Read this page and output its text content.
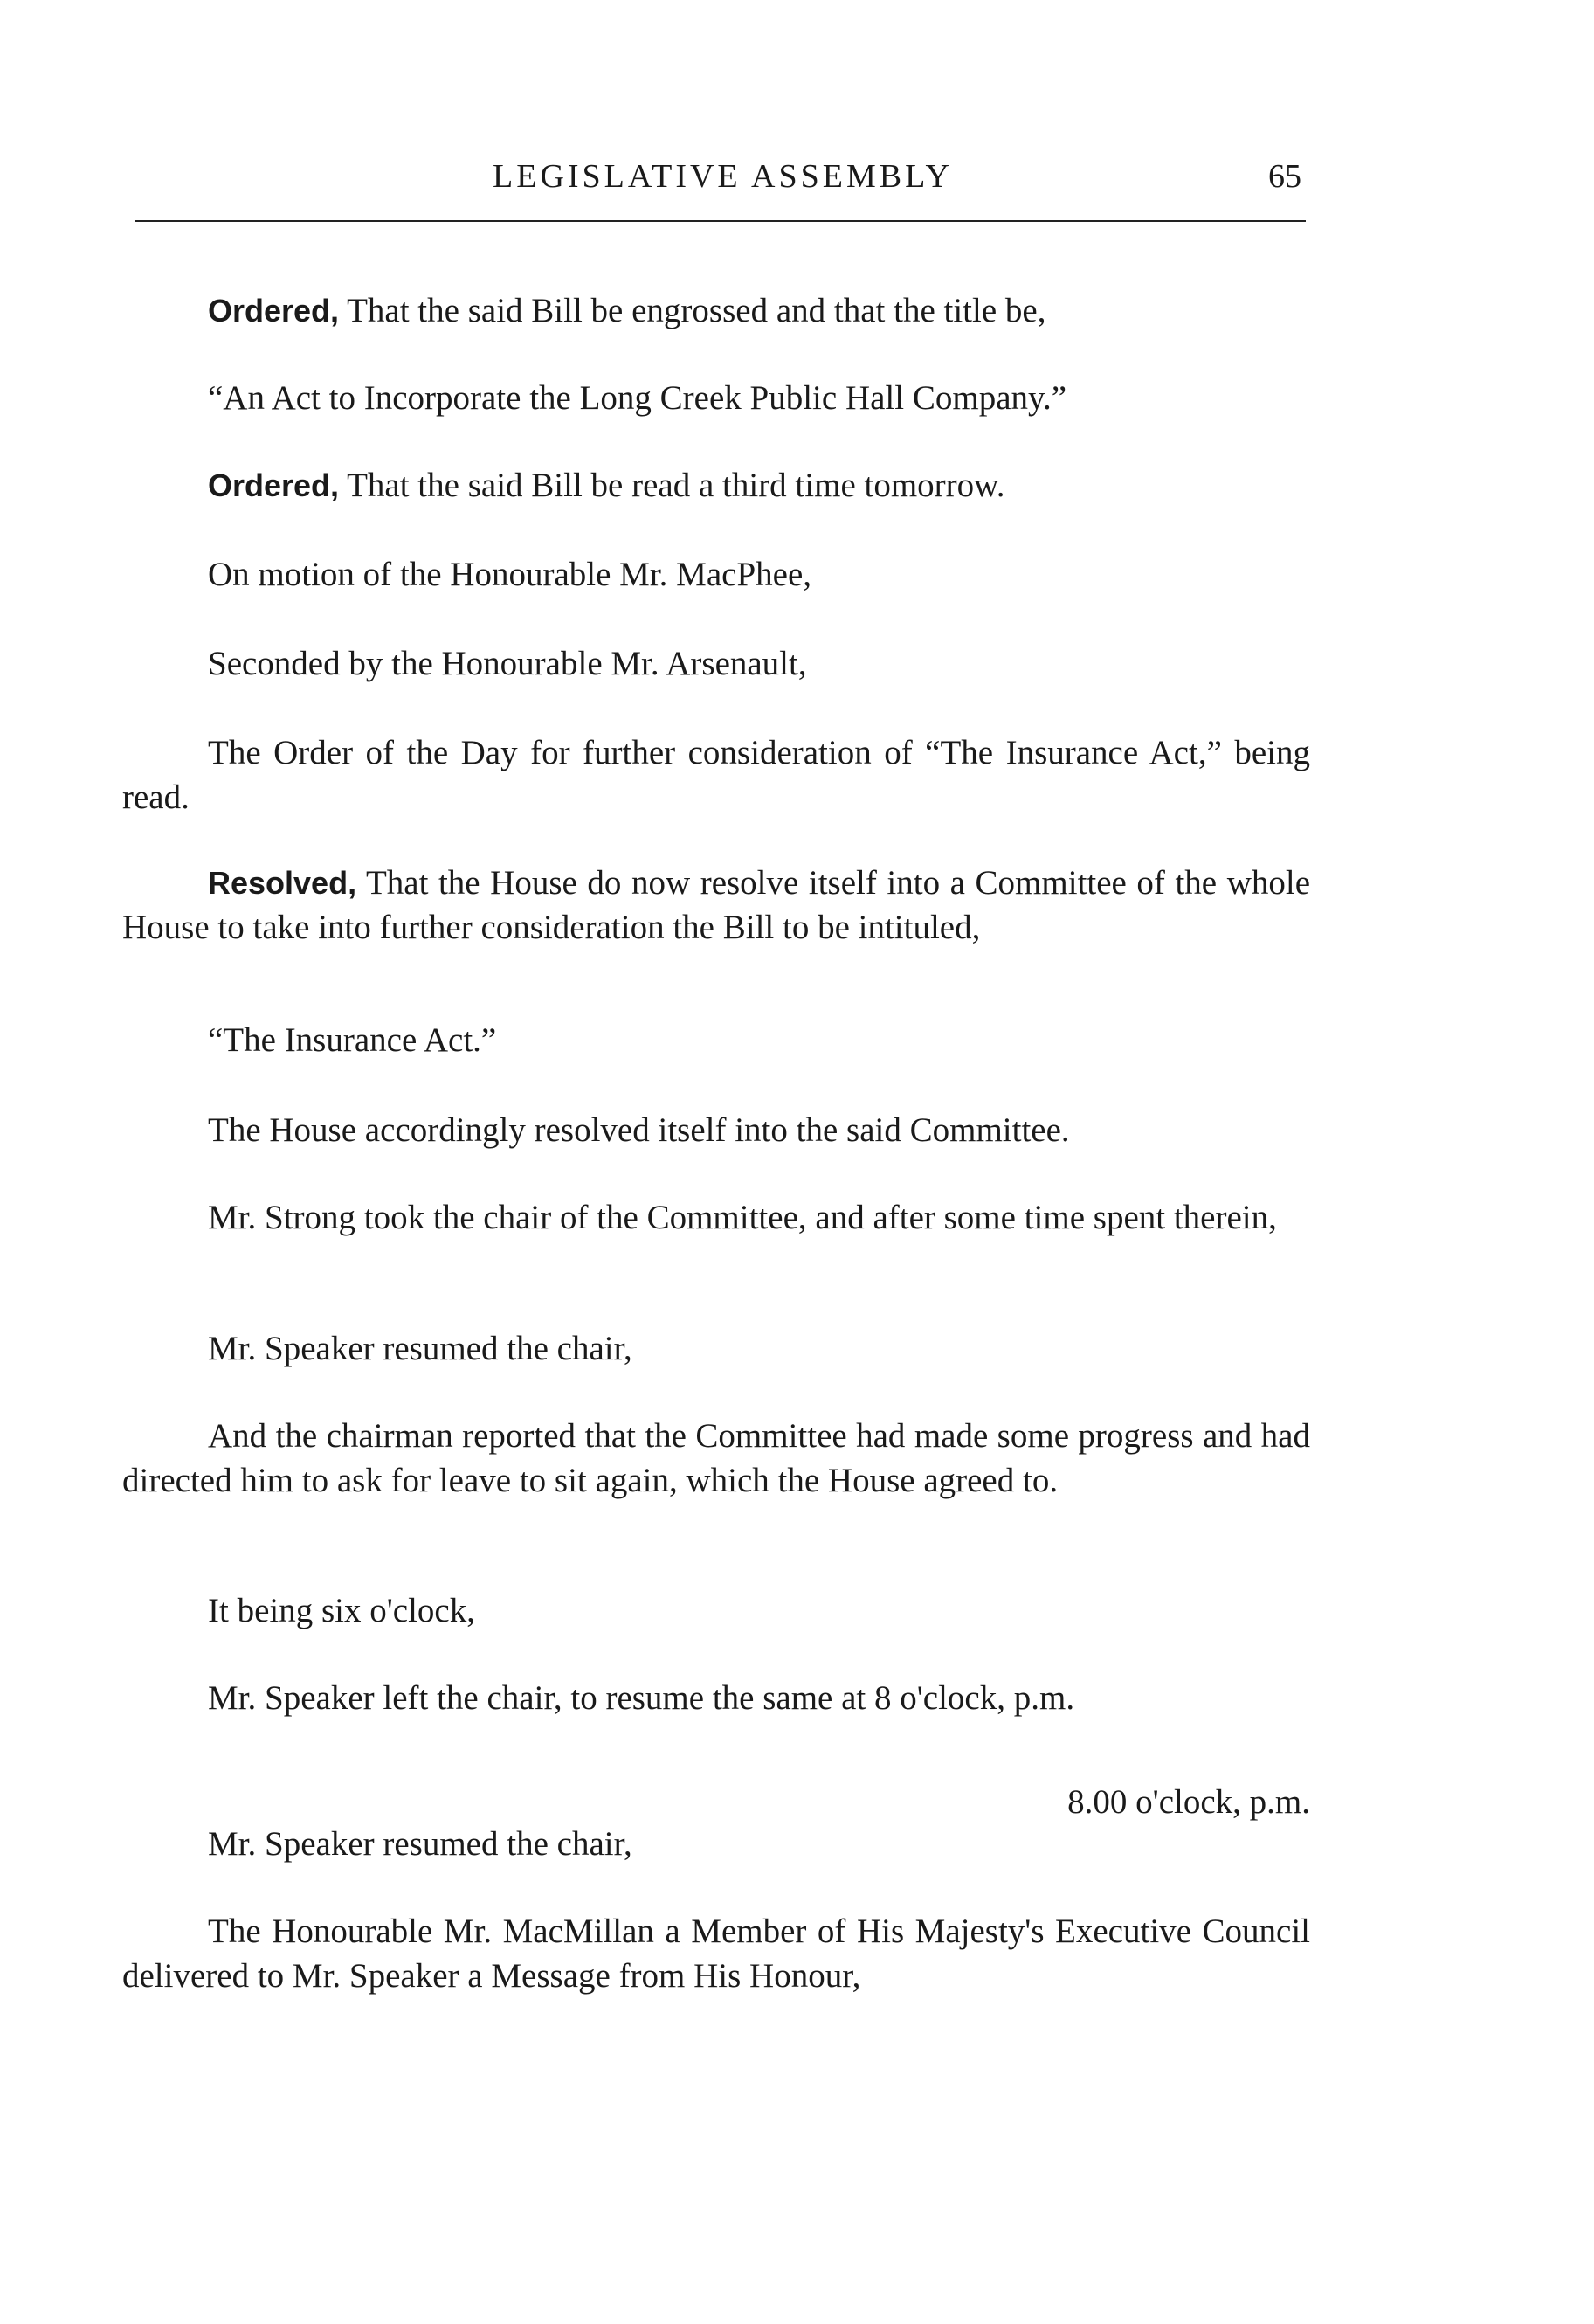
LEGISLATIVE ASSEMBLY	65

Ordered, That the said Bill be engrossed and that the title be,

“An Act to Incorporate the Long Creek Public Hall Company.”

Ordered, That the said Bill be read a third time tomorrow.

On motion of the Honourable Mr. MacPhee,

Seconded by the Honourable Mr. Arsenault,

The Order of the Day for further consideration of “The Insurance Act,” being read.

Resolved, That the House do now resolve itself into a Committee of the whole House to take into further consideration the Bill to be intituled,

“The Insurance Act.”

The House accordingly resolved itself into the said Committee.

Mr. Strong took the chair of the Committee, and after some time spent therein,

Mr. Speaker resumed the chair,

And the chairman reported that the Committee had made some progress and had directed him to ask for leave to sit again, which the House agreed to.

It being six o'clock,

Mr. Speaker left the chair, to resume the same at 8 o'clock, p.m.

8.00 o'clock, p.m.

Mr. Speaker resumed the chair,

The Honourable Mr. MacMillan a Member of His Majesty's Executive Council delivered to Mr. Speaker a Message from His Honour,
